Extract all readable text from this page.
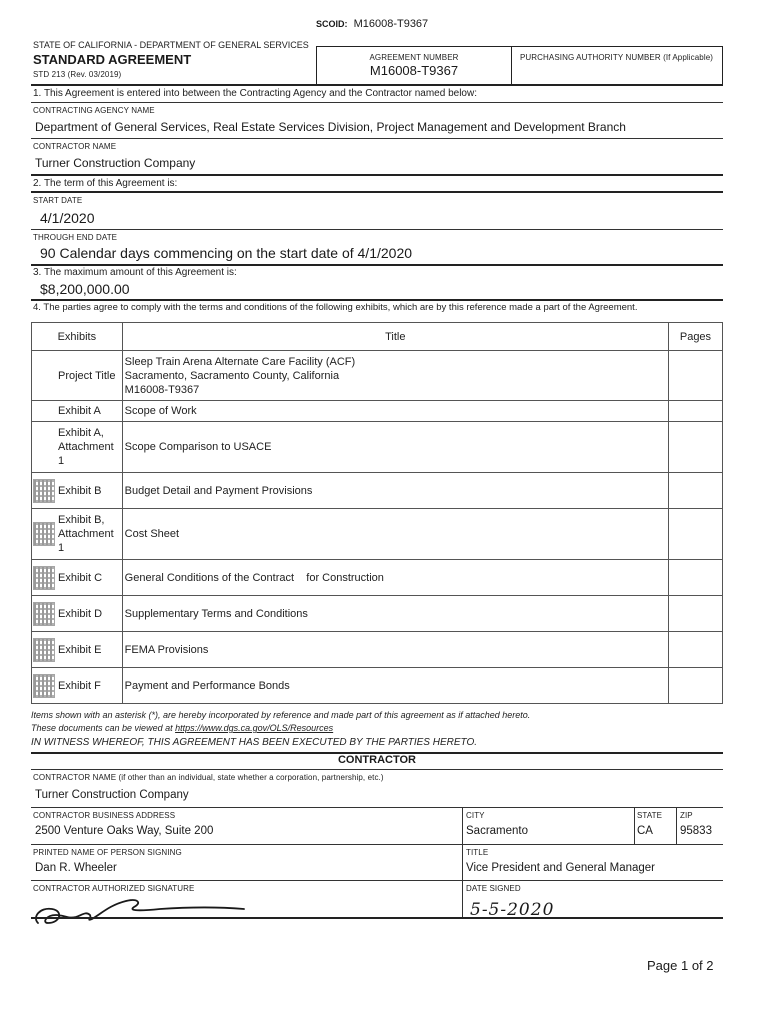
SCOID: M16008-T9367
STATE OF CALIFORNIA - DEPARTMENT OF GENERAL SERVICES
STANDARD AGREEMENT
STD 213 (Rev. 03/2019)
AGREEMENT NUMBER
M16008-T9367
PURCHASING AUTHORITY NUMBER (If Applicable)
1. This Agreement is entered into between the Contracting Agency and the Contractor named below:
CONTRACTING AGENCY NAME
Department of General Services, Real Estate Services Division, Project Management and Development Branch
CONTRACTOR NAME
Turner Construction Company
2. The term of this Agreement is:
START DATE
4/1/2020
THROUGH END DATE
90 Calendar days commencing on the start date of 4/1/2020
3. The maximum amount of this Agreement is:
$8,200,000.00
4. The parties agree to comply with the terms and conditions of the following exhibits, which are by this reference made a part of the Agreement.
Exhibits	Title	Pages
Project Title	Sleep Train Arena Alternate Care Facility (ACF)
Sacramento, Sacramento County, California
M16008-T9367	

Exhibit A	Scope of Work	
Exhibit A, Attachment 1	Scope Comparison to USACE	

Exhibit B	Budget Detail and Payment Provisions	

Exhibit B, Attachment 1	Cost Sheet	

Exhibit C	General Conditions of the Contract    for Construction	

Exhibit D	Supplementary Terms and Conditions	

Exhibit E	FEMA Provisions	

Exhibit F	Payment and Performance Bonds	
Items shown with an asterisk (*), are hereby incorporated by reference and made part of this agreement as if attached hereto.
These documents can be viewed at https://www.dgs.ca.gov/OLS/Resources
IN WITNESS WHEREOF, THIS AGREEMENT HAS BEEN EXECUTED BY THE PARTIES HERETO.
CONTRACTOR
CONTRACTOR NAME (if other than an individual, state whether a corporation, partnership, etc.)
Turner Construction Company
CONTRACTOR BUSINESS ADDRESS
2500 Venture Oaks Way, Suite 200
CITY
Sacramento
STATE
CA
ZIP
95833
PRINTED NAME OF PERSON SIGNING
Dan R. Wheeler
TITLE
Vice President and General Manager
CONTRACTOR AUTHORIZED SIGNATURE	DATE SIGNED
5-5-2020
Page 1 of 2
